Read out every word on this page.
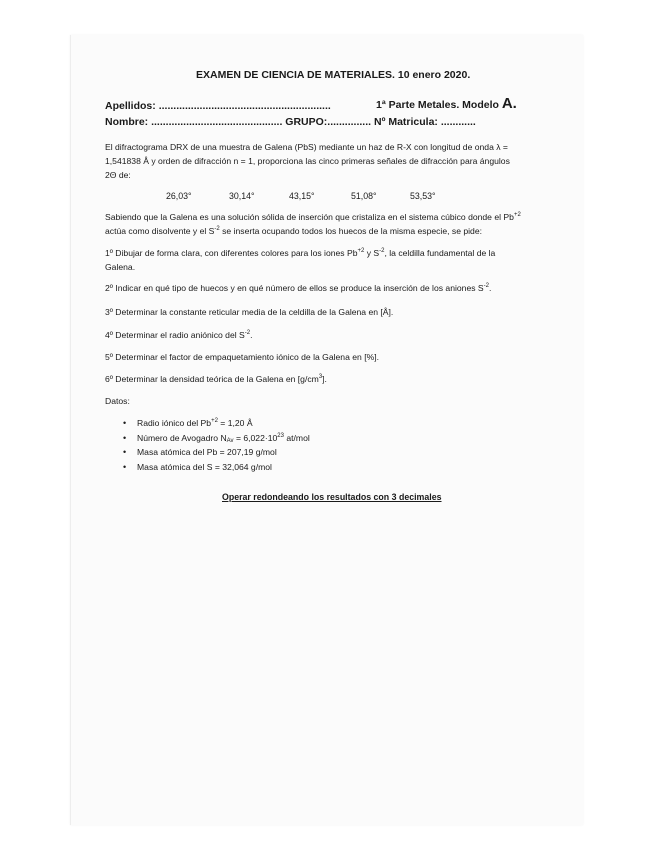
EXAMEN DE CIENCIA DE MATERIALES. 10 enero 2020.
Apellidos: ...........................................................	1ª Parte Metales. Modelo A.
Nombre: ............................................. GRUPO:............... Nº Matricula: ............
El difractograma DRX de una muestra de Galena (PbS) mediante un haz de R-X con longitud de onda λ =
1,541838 Å y orden de difracción n = 1, proporciona las cinco primeras señales de difracción para ángulos
2Θ de:
26,03°	30,14°	43,15°	51,08°	53,53°
Sabiendo que la Galena es una solución sólida de inserción que cristaliza en el sistema cúbico donde el $Pb^{+2}$
actúa como disolvente y el $S^{-2}$ se inserta ocupando todos los huecos de la misma especie, se pide:
1º Dibujar de forma clara, con diferentes colores para los iones $Pb^{+2}$ y $S^{-2}$, la celdilla fundamental de la
Galena.
2º Indicar en qué tipo de huecos y en qué número de ellos se produce la inserción de los aniones $S^{-2}$.
3º Determinar la constante reticular media de la celdilla de la Galena en [Å].
4º Determinar el radio aniónico del $S^{-2}$.
5º Determinar el factor de empaquetamiento iónico de la Galena en [%].
6º Determinar la densidad teórica de la Galena en $[g/cm^3]$.
Datos:
• Radio iónico del $Pb^{+2} = 1,20$ Å
• Número de Avogadro $N_{Av} = 6,022\cdot 10^{23}$ at/mol
• Masa atómica del Pb = 207,19 g/mol
• Masa atómica del S = 32,064 g/mol
Operar redondeando los resultados con 3 decimales
